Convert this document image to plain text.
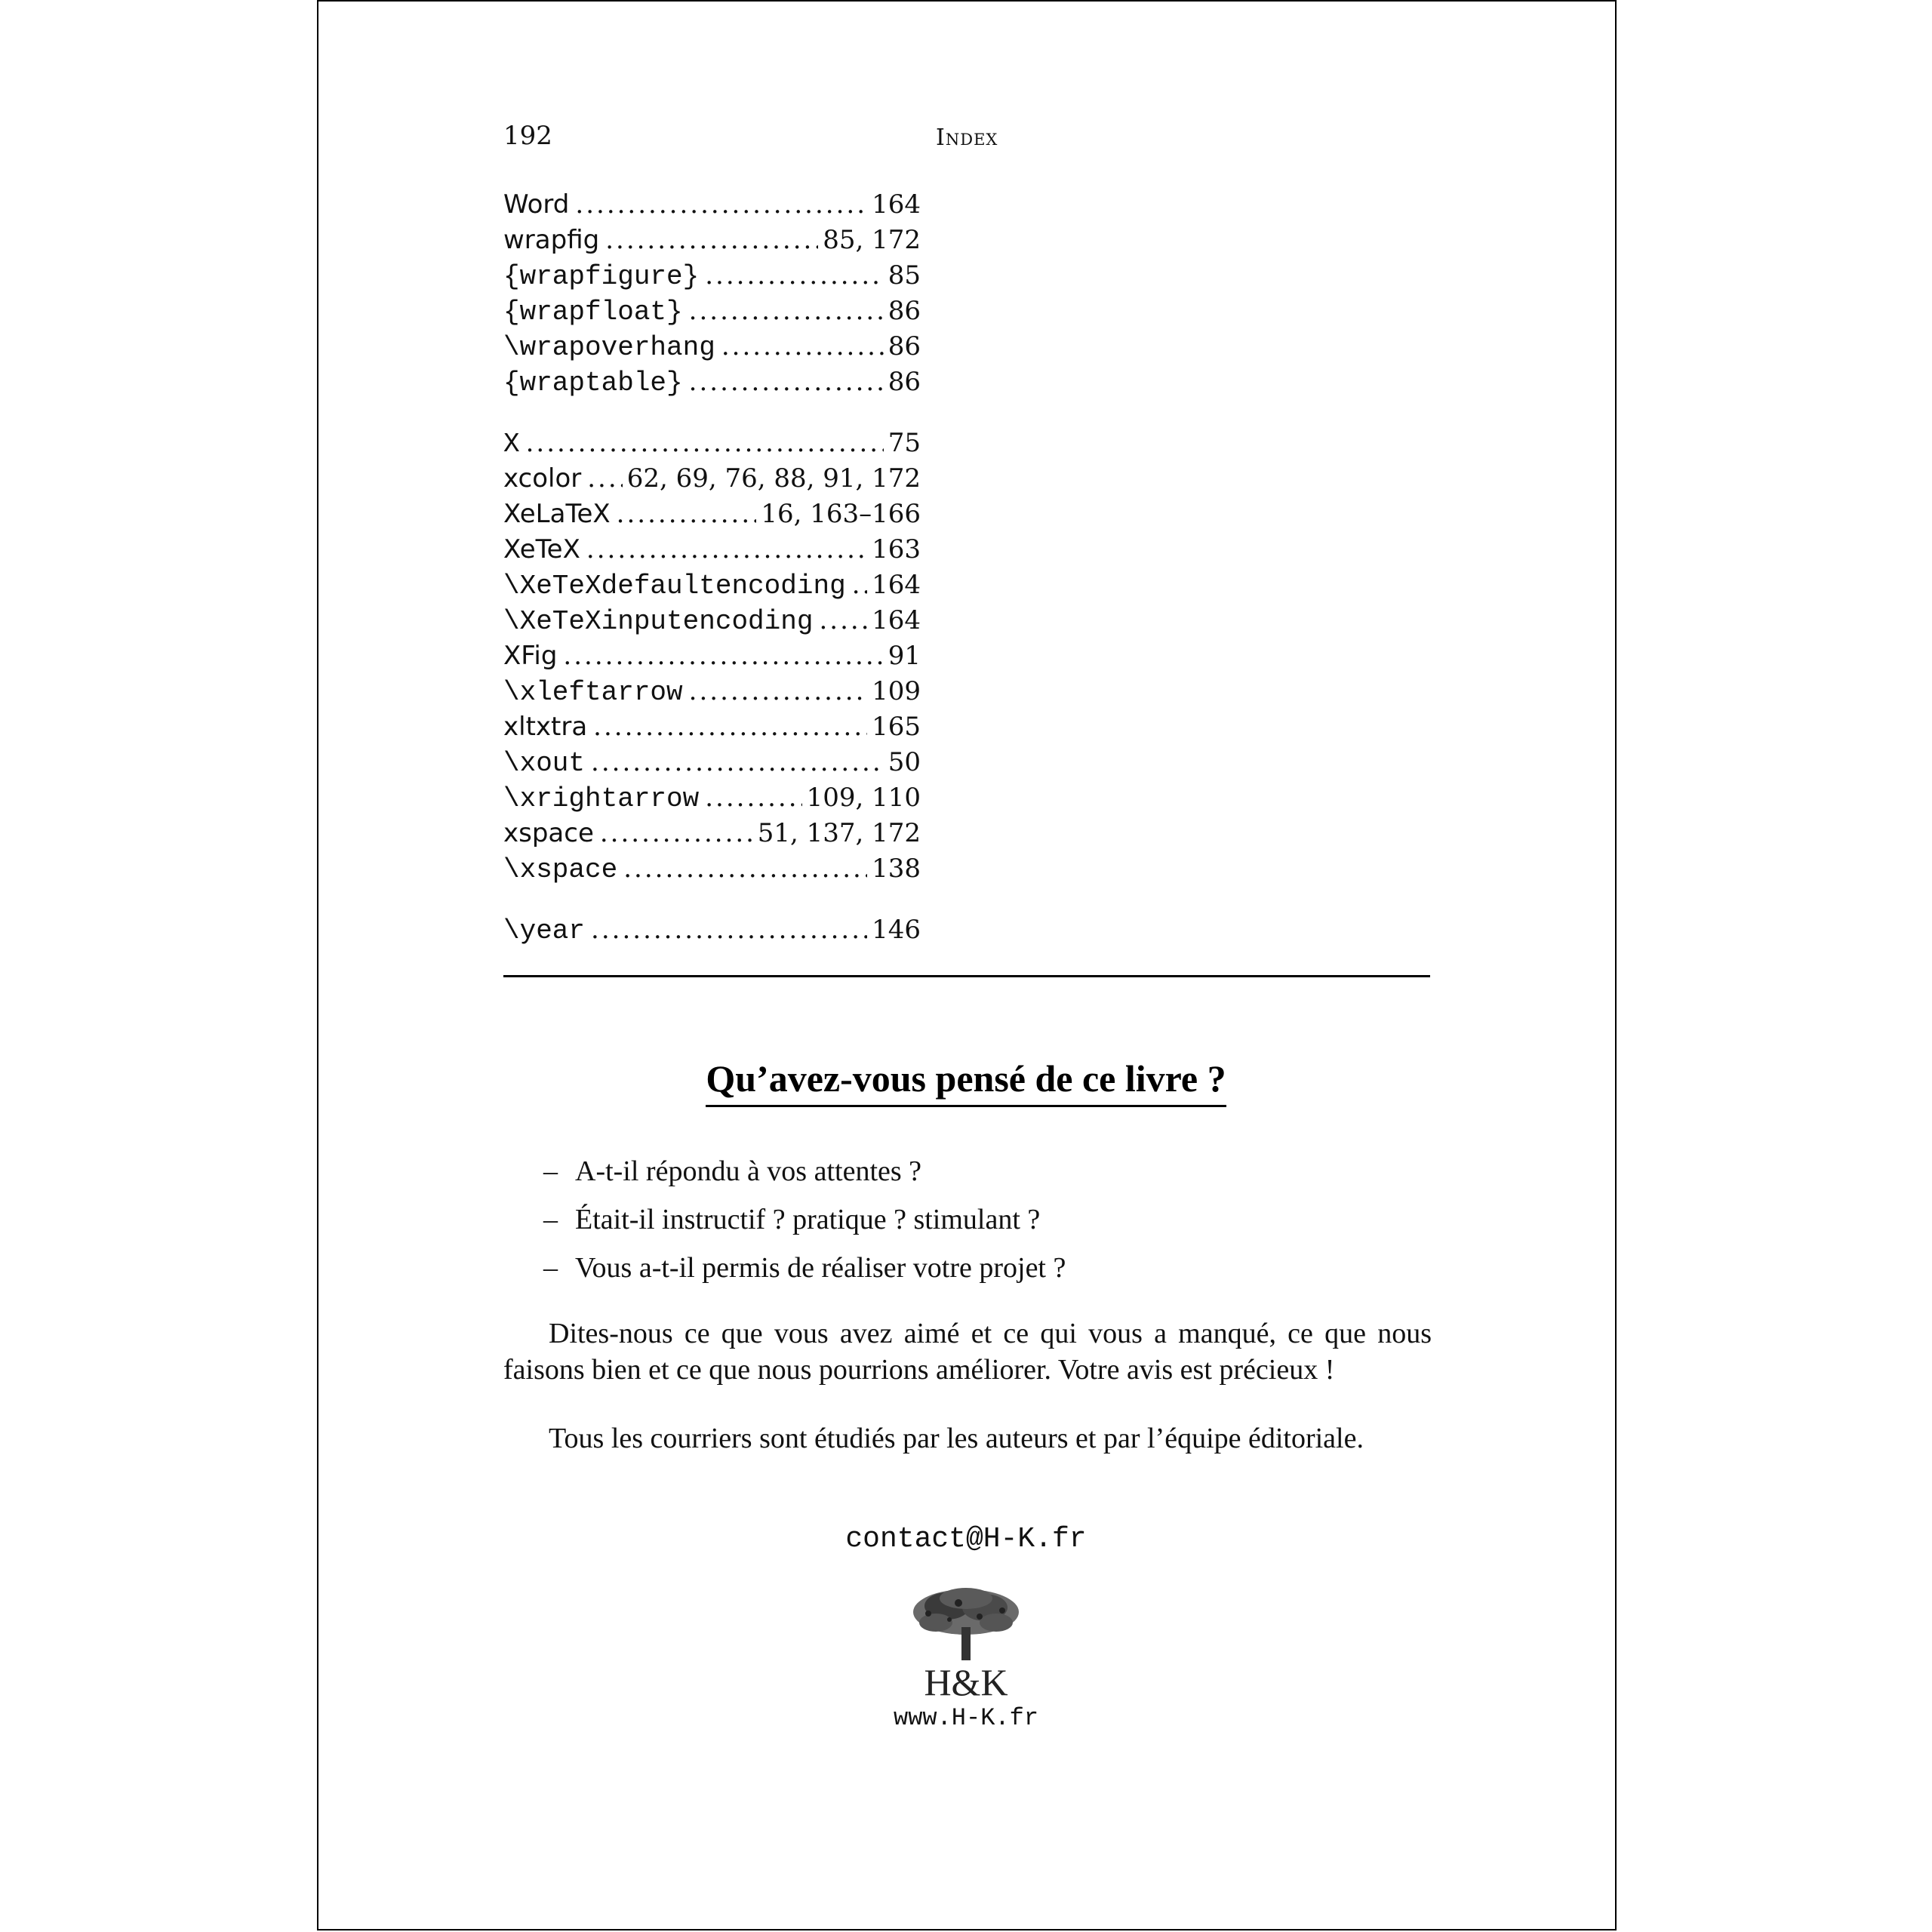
192	Index
Word .....	164
wrapfig .....	85, 172
{wrapfigure} .....	85
{wrapfloat} .....	86
\wrapoverhang .....	86
{wraptable} .....	86
X .....	75
xcolor ..... 62, 69, 76, 88, 91, 172
XeLaTeX .....	16, 163–166
XeTeX .....	163
\XeTeXdefaultencoding ..... 164
\XeTeXinputencoding ..... 164
XFig .....	91
\xleftarrow .....	109
xltxtra .....	165
\xout .....	50
\xrightarrow .....	109, 110
xspace .....	51, 137, 172
\xspace .....	138
\year .....	146
Qu’avez-vous pensé de ce livre ?
– A-t-il répondu à vos attentes ?
– Était-il instructif ? pratique ? stimulant ?
– Vous a-t-il permis de réaliser votre projet ?

Dites-nous ce que vous avez aimé et ce qui vous a manqué, ce que nous faisons bien et ce que nous pourrions améliorer. Votre avis est précieux !

Tous les courriers sont étudiés par les auteurs et par l’équipe éditoriale.

contact@H-K.fr
H&K
www.H-K.fr
